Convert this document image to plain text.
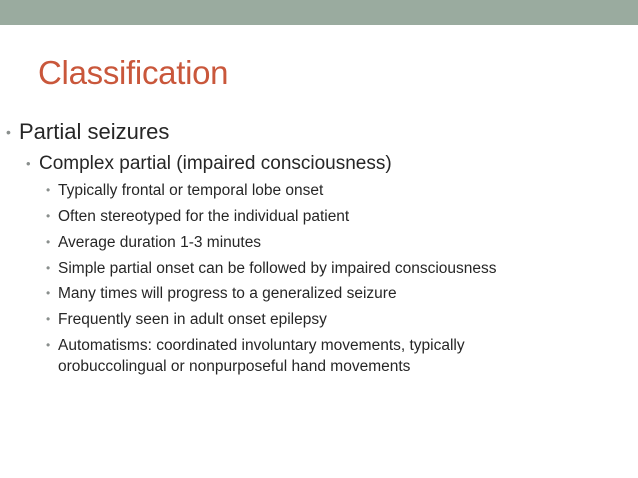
Classification
• Partial seizures
• Complex partial (impaired consciousness)
• Typically frontal or temporal lobe onset
• Often stereotyped for the individual patient
• Average duration 1-3 minutes
• Simple partial onset can be followed by impaired consciousness
• Many times will progress to a generalized seizure
• Frequently seen in adult onset epilepsy
• Automatisms: coordinated involuntary movements, typically orobuccolingual or nonpurposeful hand movements
